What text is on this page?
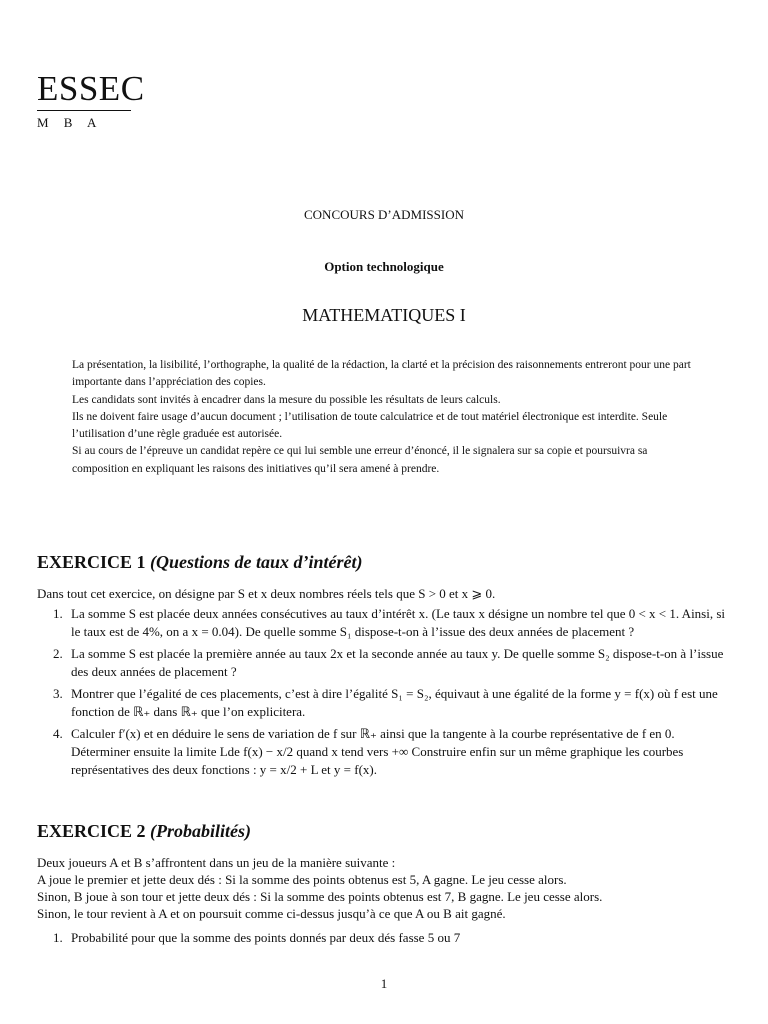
ESSEC
M B A
CONCOURS D’ADMISSION
Option technologique
MATHEMATIQUES I

La présentation, la lisibilité, l’orthographe, la qualité de la rédaction, la clarté et la précision des raisonnements entreront pour une part importante dans l’appréciation des copies.

Les candidats sont invités à encadrer dans la mesure du possible les résultats de leurs calculs.

Ils ne doivent faire usage d’aucun document ; l’utilisation de toute calculatrice et de tout matériel électronique est interdite. Seule l’utilisation d’une règle graduée est autorisée.

Si au cours de l’épreuve un candidat repère ce qui lui semble une erreur d’énoncé, il le signalera sur sa copie et poursuivra sa composition en expliquant les raisons des initiatives qu’il sera amené à prendre.

EXERCICE 1 (Questions de taux d’intérêt)
Dans tout cet exercice, on désigne par S et x deux nombres réels tels que S > 0 et x ⩾ 0.
1. La somme S est placée deux années consécutives au taux d’intérêt x. (Le taux x désigne un nombre tel que 0 < x < 1. Ainsi, si le taux est de 4%, on a x = 0.04). De quelle somme S₁ dispose-t-on à l’issue des deux années de placement ?
2. La somme S est placée la première année au taux 2x et la seconde année au taux y. De quelle somme S₂ dispose-t-on à l’issue des deux années de placement ?
3. Montrer que l’égalité de ces placements, c’est à dire l’égalité S₁ = S₂, équivaut à une égalité de la forme y = f(x) où f est une fonction de ℝ₊ dans ℝ₊ que l’on explicitera.
4. Calculer f′(x) et en déduire le sens de variation de f sur ℝ₊ ainsi que la tangente à la courbe représentative de f en 0. Déterminer ensuite la limite Lde f(x) − x/2 quand x tend vers +∞ Construire enfin sur un même graphique les courbes représentatives des deux fonctions : y = x/2 + L et y = f(x).
EXERCICE 2 (Probabilités)

Deux joueurs A et B s’affrontent dans un jeu de la manière suivante :

A joue le premier et jette deux dés : Si la somme des points obtenus est 5, A gagne. Le jeu cesse alors.

Sinon, B joue à son tour et jette deux dés : Si la somme des points obtenus est 7, B gagne. Le jeu cesse alors.

Sinon, le tour revient à A et on poursuit comme ci-dessus jusqu’à ce que A ou B ait gagné.

1. Probabilité pour que la somme des points donnés par deux dés fasse 5 ou 7
1
